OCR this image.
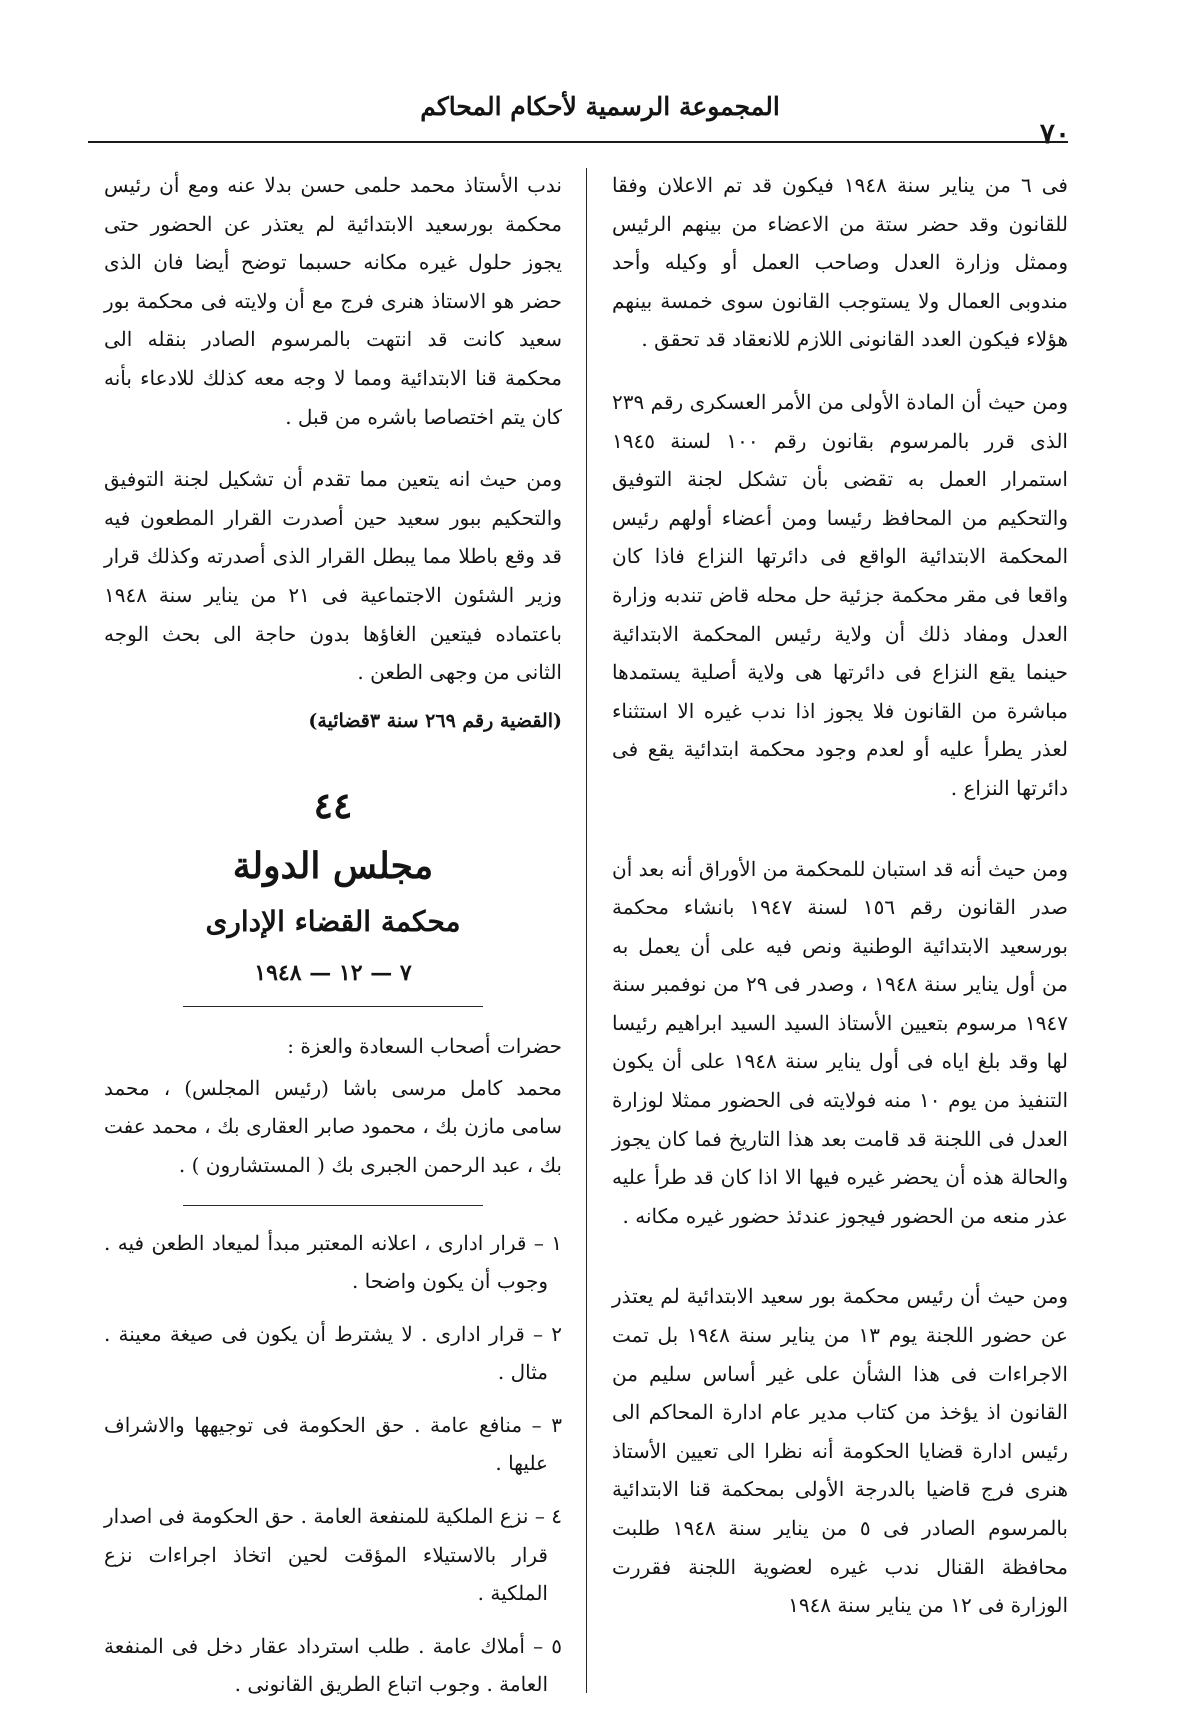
المجموعة الرسمية لأحكام المحاكم
٧٠

فى ٦ من يناير سنة ١٩٤٨ فيكون قد تم الاعلان وفقا للقانون وقد حضر ستة من الاعضاء من بينهم الرئيس وممثل وزارة العدل وصاحب العمل أو وكيله وأحد مندوبى العمال ولا يستوجب القانون سوى خمسة بينهم هؤلاء فيكون العدد القانونى اللازم للانعقاد قد تحقق .

ومن حيث أن المادة الأولى من الأمر العسكرى رقم ٢٣٩ الذى قرر بالمرسوم بقانون رقم ١٠٠ لسنة ١٩٤٥ استمرار العمل به تقضى بأن تشكل لجنة التوفيق والتحكيم من المحافظ رئيسا ومن أعضاء أولهم رئيس المحكمة الابتدائية الواقع فى دائرتها النزاع فاذا كان واقعا فى مقر محكمة جزئية حل محله قاض تندبه وزارة العدل ومفاد ذلك أن ولاية رئيس المحكمة الابتدائية حينما يقع النزاع فى دائرتها هى ولاية أصلية يستمدها مباشرة من القانون فلا يجوز اذا ندب غيره الا استثناء لعذر يطرأ عليه أو لعدم وجود محكمة ابتدائية يقع فى دائرتها النزاع .

ومن حيث أنه قد استبان للمحكمة من الأوراق أنه بعد أن صدر القانون رقم ١٥٦ لسنة ١٩٤٧ بانشاء محكمة بورسعيد الابتدائية الوطنية ونص فيه على أن يعمل به من أول يناير سنة ١٩٤٨ ، وصدر فى ٢٩ من نوفمبر سنة ١٩٤٧ مرسوم بتعيين الأستاذ السيد السيد ابراهيم رئيسا لها وقد بلغ اياه فى أول يناير سنة ١٩٤٨ على أن يكون التنفيذ من يوم ١٠ منه فولايته فى الحضور ممثلا لوزارة العدل فى اللجنة قد قامت بعد هذا التاريخ فما كان يجوز والحالة هذه أن يحضر غيره فيها الا اذا كان قد طرأ عليه عذر منعه من الحضور فيجوز عندئذ حضور غيره مكانه .

ومن حيث أن رئيس محكمة بور سعيد الابتدائية لم يعتذر عن حضور اللجنة يوم ١٣ من يناير سنة ١٩٤٨ بل تمت الاجراءات فى هذا الشأن على غير أساس سليم من القانون اذ يؤخذ من كتاب مدير عام ادارة المحاكم الى رئيس ادارة قضايا الحكومة أنه نظرا الى تعيين الأستاذ هنرى فرج قاضيا بالدرجة الأولى بمحكمة قنا الابتدائية بالمرسوم الصادر فى ٥ من يناير سنة ١٩٤٨ طلبت محافظة القنال ندب غيره لعضوية اللجنة فقررت الوزارة فى ١٢ من يناير سنة ١٩٤٨

ندب الأستاذ محمد حلمى حسن بدلا عنه ومع أن رئيس محكمة بورسعيد الابتدائية لم يعتذر عن الحضور حتى يجوز حلول غيره مكانه حسبما توضح أيضا فان الذى حضر هو الاستاذ هنرى فرج مع أن ولايته فى محكمة بور سعيد كانت قد انتهت بالمرسوم الصادر بنقله الى محكمة قنا الابتدائية ومما لا وجه معه كذلك للادعاء بأنه كان يتم اختصاصا باشره من قبل .

ومن حيث انه يتعين مما تقدم أن تشكيل لجنة التوفيق والتحكيم ببور سعيد حين أصدرت القرار المطعون فيه قد وقع باطلا مما يبطل القرار الذى أصدرته وكذلك قرار وزير الشئون الاجتماعية فى ٢١ من يناير سنة ١٩٤٨ باعتماده فيتعين الغاؤها بدون حاجة الى بحث الوجه الثانى من وجهى الطعن .

(القضية رقم ٢٦٩ سنة ٣قضائية)

٤٤
مجلس الدولة
محكمة القضاء الإدارى
٧ — ١٢ — ١٩٤٨

حضرات أصحاب السعادة والعزة :

محمد كامل مرسى باشا (رئيس المجلس) ، محمد سامى مازن بك ، محمود صابر العقارى بك ، محمد عفت بك ، عبد الرحمن الجبرى بك ( المستشارون ) .

١ – قرار ادارى ، اعلانه المعتبر مبدأ لميعاد الطعن فيه . وجوب أن يكون واضحا .

٢ – قرار ادارى . لا يشترط أن يكون فى صيغة معينة . مثال .

٣ – منافع عامة . حق الحكومة فى توجيهها والاشراف عليها .

٤ – نزع الملكية للمنفعة العامة . حق الحكومة فى اصدار قرار بالاستيلاء المؤقت لحين اتخاذ اجراءات نزع الملكية .

٥ – أملاك عامة . طلب استرداد عقار دخل فى المنفعة العامة . وجوب اتباع الطريق القانونى .
